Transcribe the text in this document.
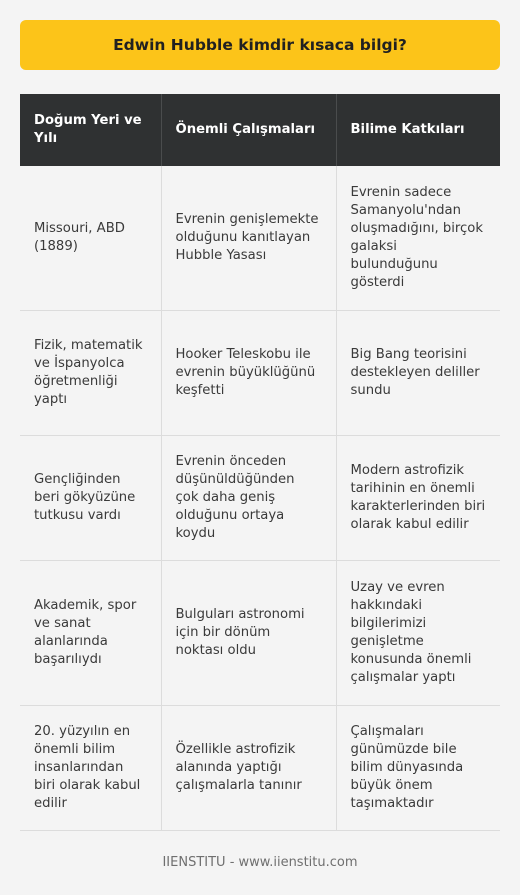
Edwin Hubble kimdir kısaca bilgi?
Doğum Yeri ve Yılı	Önemli Çalışmaları	Bilime Katkıları
Missouri, ABD (1889)	Evrenin genişlemekte olduğunu kanıtlayan Hubble Yasası	Evrenin sadece Samanyolu'ndan oluşmadığını, birçok galaksi bulunduğunu gösterdi
Fizik, matematik ve İspanyolca öğretmenliği yaptı	Hooker Teleskobu ile evrenin büyüklüğünü keşfetti	Big Bang teorisini destekleyen deliller sundu
Gençliğinden beri gökyüzüne tutkusu vardı	Evrenin önceden düşünüldüğünden çok daha geniş olduğunu ortaya koydu	Modern astrofizik tarihinin en önemli karakterlerinden biri olarak kabul edilir
Akademik, spor ve sanat alanlarında başarılıydı	Bulguları astronomi için bir dönüm noktası oldu	Uzay ve evren hakkındaki bilgilerimizi genişletme konusunda önemli çalışmalar yaptı
20. yüzyılın en önemli bilim insanlarından biri olarak kabul edilir	Özellikle astrofizik alanında yaptığı çalışmalarla tanınır	Çalışmaları günümüzde bile bilim dünyasında büyük önem taşımaktadır
IIENSTITU - www.iienstitu.com
